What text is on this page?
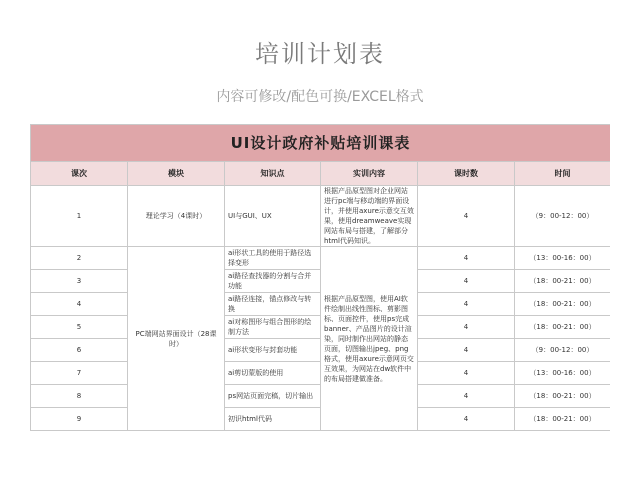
培训计划表
内容可修改/配色可换/EXCEL格式
UI设计政府补贴培训课表					
课次	模块	知识点	实训内容	课时数	时间
1	理论学习（4课时）	UI与GUI、UX	根据产品原型图对企业网站进行pc端与移动端的界面设计，并使用axure示意交互效果，使用dreamweave实现网站布局与搭建，了解部分html代码知识。	4	（9：00-12：00）
2	PC端网站界面设计（28课时）	ai形状工具的使用于路径选择变形	根据产品原型图，使用AI软件绘制出线性图标、剪影图标、页面控件，使用ps完成banner、产品图片的设计渲染，同时制作出网站的静态页面，切图输出jpeg、png格式，使用axure示意网页交互效果，为网站在dw软件中的布局搭建做准备。	4	（13：00-16：00）
3		ai路径查找器的分割与合并功能		4	（18：00-21：00）
4		ai路径连接，锚点修改与转换		4	（18：00-21：00）
5		ai对称图形与组合图形的绘制方法		4	（18：00-21：00）
6		ai形状变形与封套功能		4	（9：00-12：00）
7		ai剪切蒙版的使用		4	（13：00-16：00）
8		ps网站页面完稿，切片输出		4	（18：00-21：00）
9		初识html代码		4	（18：00-21：00）
